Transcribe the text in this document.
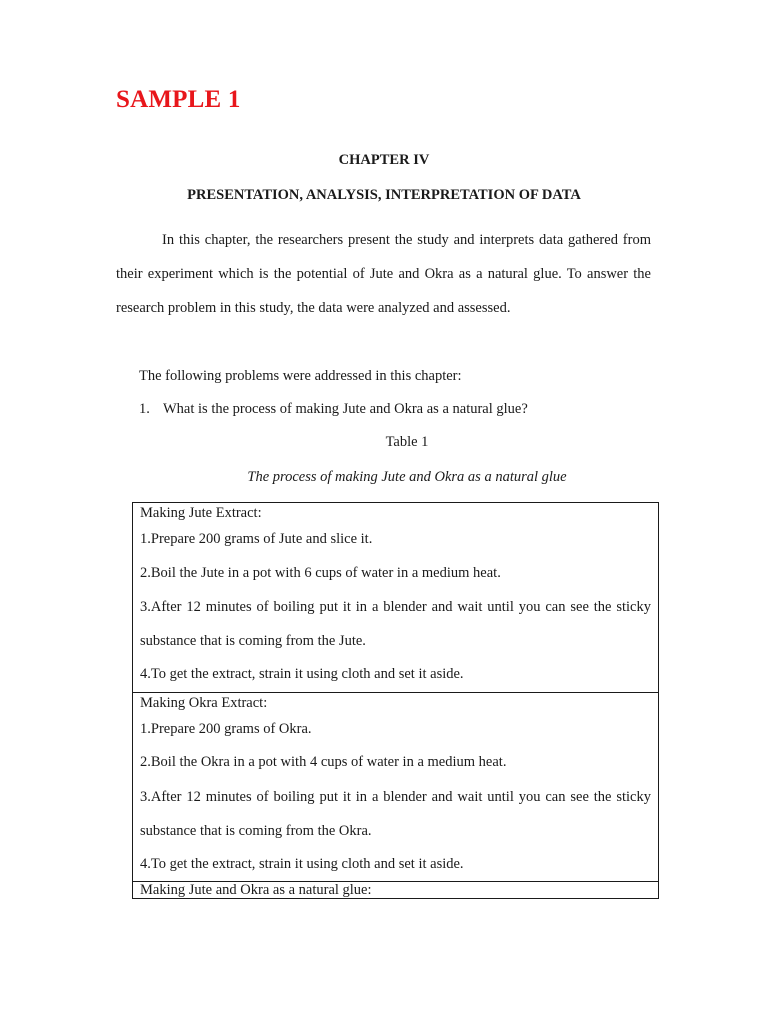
SAMPLE 1
CHAPTER IV
PRESENTATION, ANALYSIS, INTERPRETATION OF DATA

In this chapter, the researchers present the study and interprets data gathered from their experiment which is the potential of Jute and Okra as a natural glue. To answer the research problem in this study, the data were analyzed and assessed.

The following problems were addressed in this chapter:
1. What is the process of making Jute and Okra as a natural glue?
Table 1
The process of making Jute and Okra as a natural glue

Making Jute Extract:

1.Prepare 200 grams of Jute and slice it.

2.Boil the Jute in a pot with 6 cups of water in a medium heat.

3.After 12 minutes of boiling put it in a blender and wait until you can see the sticky substance that is coming from the Jute.

4.To get the extract, strain it using cloth and set it aside.

Making Okra Extract:

1.Prepare 200 grams of Okra.

2.Boil the Okra in a pot with 4 cups of water in a medium heat.

3.After 12 minutes of boiling put it in a blender and wait until you can see the sticky substance that is coming from the Okra.

4.To get the extract, strain it using cloth and set it aside.

Making Jute and Okra as a natural glue:
